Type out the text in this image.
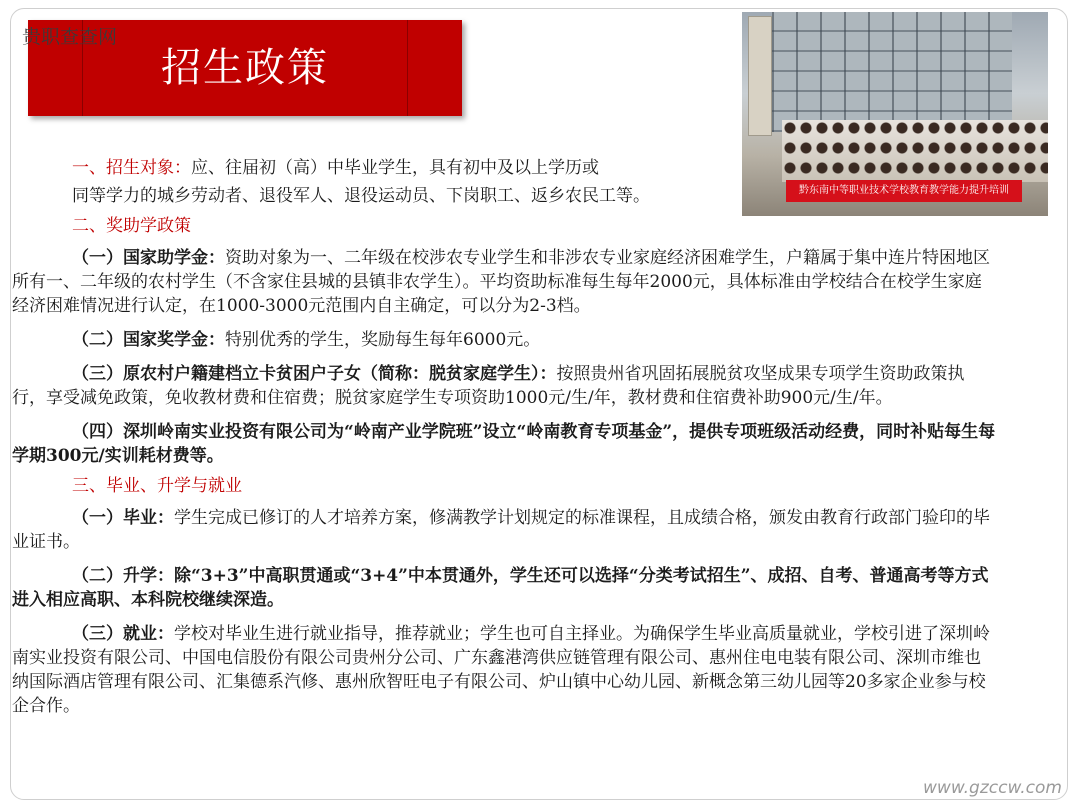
招生政策
贵职查查网
黔东南中等职业技术学校教育教学能力提升培训

一、招生对象：应、往届初（高）中毕业学生，具有初中及以上学历或

同等学力的城乡劳动者、退役军人、退役运动员、下岗职工、返乡农民工等。

二、奖助学政策

（一）国家助学金：资助对象为一、二年级在校涉农专业学生和非涉农专业家庭经济困难学生，户籍属于集中连片特困地区所有一、二年级的农村学生（不含家住县城的县镇非农学生）。平均资助标准每生每年2000元，具体标准由学校结合在校学生家庭经济困难情况进行认定，在1000-3000元范围内自主确定，可以分为2-3档。

（二）国家奖学金：特别优秀的学生，奖励每生每年6000元。

（三）原农村户籍建档立卡贫困户子女（简称：脱贫家庭学生）：按照贵州省巩固拓展脱贫攻坚成果专项学生资助政策执行，享受减免政策，免收教材费和住宿费；脱贫家庭学生专项资助1000元/生/年，教材费和住宿费补助900元/生/年。

（四）深圳岭南实业投资有限公司为“岭南产业学院班”设立“岭南教育专项基金”，提供专项班级活动经费，同时补贴每生每学期300元/实训耗材费等。

三、毕业、升学与就业

（一）毕业：学生完成已修订的人才培养方案，修满教学计划规定的标准课程，且成绩合格，颁发由教育行政部门验印的毕业证书。

（二）升学：除“3+3”中高职贯通或“3+4”中本贯通外，学生还可以选择“分类考试招生”、成招、自考、普通高考等方式进入相应高职、本科院校继续深造。

（三）就业：学校对毕业生进行就业指导，推荐就业；学生也可自主择业。为确保学生毕业高质量就业，学校引进了深圳岭南实业投资有限公司、中国电信股份有限公司贵州分公司、广东鑫港湾供应链管理有限公司、惠州住电电装有限公司、深圳市维也纳国际酒店管理有限公司、汇集德系汽修、惠州欣智旺电子有限公司、炉山镇中心幼儿园、新概念第三幼儿园等20多家企业参与校企合作。

www.gzccw.com
